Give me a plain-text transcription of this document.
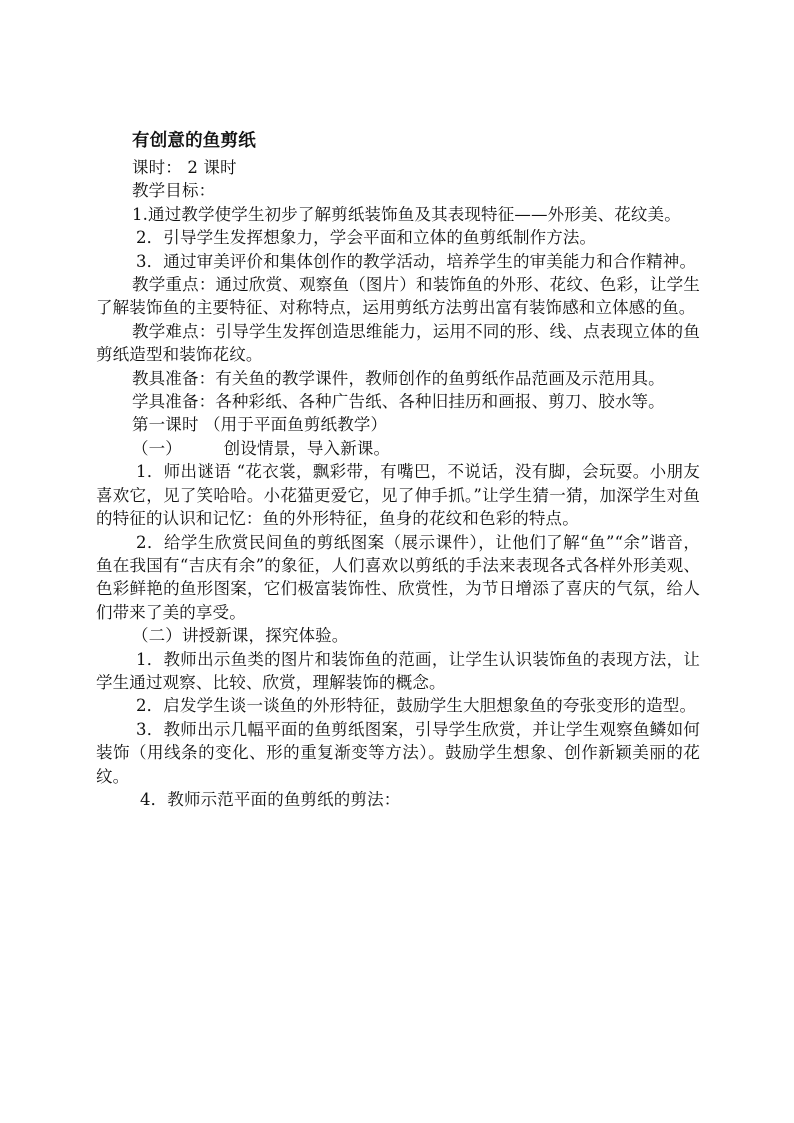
有创意的鱼剪纸

课时： 2 课时

教学目标：

1.通过教学使学生初步了解剪纸装饰鱼及其表现特征——外形美、花纹美。

2．引导学生发挥想象力，学会平面和立体的鱼剪纸制作方法。

3．通过审美评价和集体创作的教学活动，培养学生的审美能力和合作精神。

教学重点：通过欣赏、观察鱼（图片）和装饰鱼的外形、花纹、色彩，让学生了解装饰鱼的主要特征、对称特点，运用剪纸方法剪出富有装饰感和立体感的鱼。

教学难点：引导学生发挥创造思维能力，运用不同的形、线、点表现立体的鱼剪纸造型和装饰花纹。

教具准备：有关鱼的教学课件，教师创作的鱼剪纸作品范画及示范用具。

学具准备：各种彩纸、各种广告纸、各种旧挂历和画报、剪刀、胶水等。

第一课时 （用于平面鱼剪纸教学）

（一）　　　创设情景，导入新课。

1．师出谜语 “花衣裳，飘彩带，有嘴巴，不说话，没有脚，会玩耍。小朋友喜欢它，见了笑哈哈。小花猫更爱它，见了伸手抓。”让学生猜一猜，加深学生对鱼的特征的认识和记忆：鱼的外形特征，鱼身的花纹和色彩的特点。

2．给学生欣赏民间鱼的剪纸图案（展示课件），让他们了解“鱼”“余”谐音，鱼在我国有“吉庆有余”的象征，人们喜欢以剪纸的手法来表现各式各样外形美观、色彩鲜艳的鱼形图案，它们极富装饰性、欣赏性，为节日增添了喜庆的气氛，给人们带来了美的享受。

（二）讲授新课，探究体验。

1．教师出示鱼类的图片和装饰鱼的范画，让学生认识装饰鱼的表现方法，让学生通过观察、比较、欣赏，理解装饰的概念。

2．启发学生谈一谈鱼的外形特征，鼓励学生大胆想象鱼的夸张变形的造型。

3．教师出示几幅平面的鱼剪纸图案，引导学生欣赏，并让学生观察鱼鳞如何装饰（用线条的变化、形的重复渐变等方法）。鼓励学生想象、创作新颖美丽的花纹。

4．教师示范平面的鱼剪纸的剪法：
